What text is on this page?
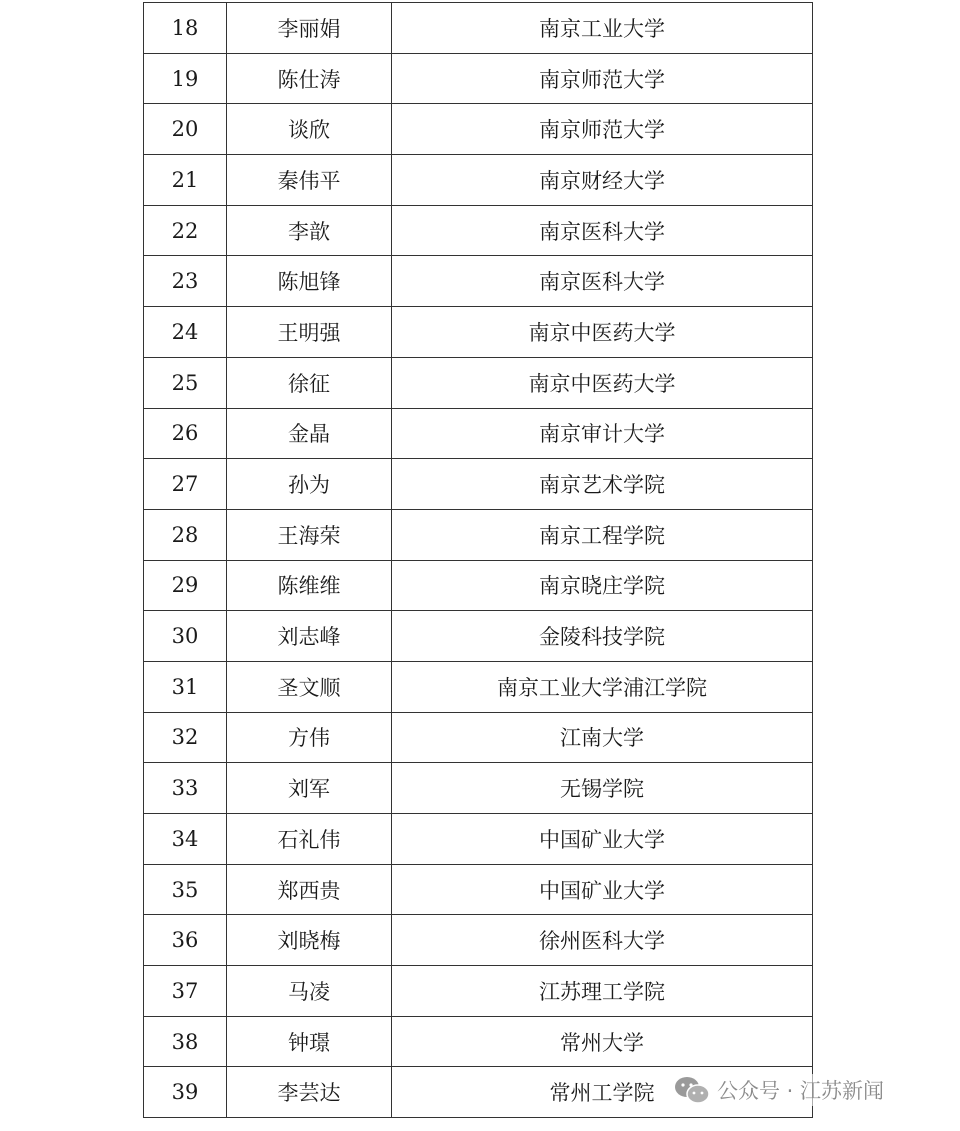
18	李丽娟	南京工业大学
19	陈仕涛	南京师范大学
20	谈欣	南京师范大学
21	秦伟平	南京财经大学
22	李歆	南京医科大学
23	陈旭锋	南京医科大学
24	王明强	南京中医药大学
25	徐征	南京中医药大学
26	金晶	南京审计大学
27	孙为	南京艺术学院
28	王海荣	南京工程学院
29	陈维维	南京晓庄学院
30	刘志峰	金陵科技学院
31	圣文顺	南京工业大学浦江学院
32	方伟	江南大学
33	刘军	无锡学院
34	石礼伟	中国矿业大学
35	郑西贵	中国矿业大学
36	刘晓梅	徐州医科大学
37	马凌	江苏理工学院
38	钟璟	常州大学
39	李芸达	常州工学院	公众号 · 江苏新闻
